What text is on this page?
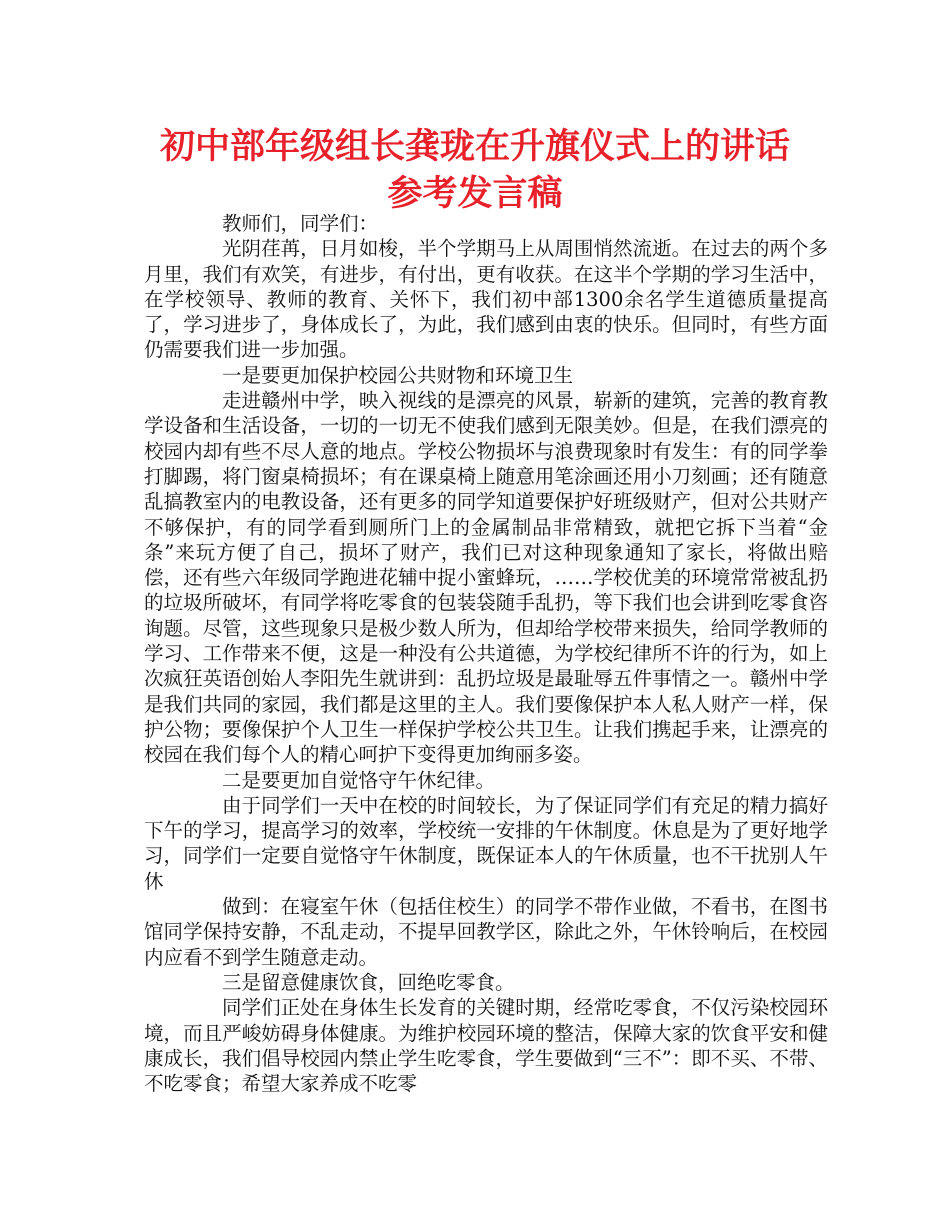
初中部年级组长龚珑在升旗仪式上的讲话
参考发言稿

教师们，同学们：

光阴荏苒，日月如梭，半个学期马上从周围悄然流逝。在过去的两个多月里，我们有欢笑，有进步，有付出，更有收获。在这半个学期的学习生活中，在学校领导、教师的教育、关怀下，我们初中部1300余名学生道德质量提高了，学习进步了，身体成长了，为此，我们感到由衷的快乐。但同时，有些方面仍需要我们进一步加强。

一是要更加保护校园公共财物和环境卫生

走进赣州中学，映入视线的是漂亮的风景，崭新的建筑，完善的教育教学设备和生活设备，一切的一切无不使我们感到无限美妙。但是，在我们漂亮的校园内却有些不尽人意的地点。学校公物损坏与浪费现象时有发生：有的同学拳打脚踢，将门窗桌椅损坏；有在课桌椅上随意用笔涂画还用小刀刻画；还有随意乱搞教室内的电教设备，还有更多的同学知道要保护好班级财产，但对公共财产不够保护，有的同学看到厕所门上的金属制品非常精致，就把它拆下当着“金条”来玩方便了自己，损坏了财产，我们已对这种现象通知了家长，将做出赔偿，还有些六年级同学跑进花辅中捉小蜜蜂玩，……学校优美的环境常常被乱扔的垃圾所破坏，有同学将吃零食的包装袋随手乱扔，等下我们也会讲到吃零食咨询题。尽管，这些现象只是极少数人所为，但却给学校带来损失，给同学教师的学习、工作带来不便，这是一种没有公共道德，为学校纪律所不许的行为，如上次疯狂英语创始人李阳先生就讲到：乱扔垃圾是最耻辱五件事情之一。赣州中学是我们共同的家园，我们都是这里的主人。我们要像保护本人私人财产一样，保护公物；要像保护个人卫生一样保护学校公共卫生。让我们携起手来，让漂亮的校园在我们每个人的精心呵护下变得更加绚丽多姿。

二是要更加自觉恪守午休纪律。

由于同学们一天中在校的时间较长，为了保证同学们有充足的精力搞好下午的学习，提高学习的效率，学校统一安排的午休制度。休息是为了更好地学习，同学们一定要自觉恪守午休制度，既保证本人的午休质量，也不干扰别人午休

做到：在寝室午休（包括住校生）的同学不带作业做，不看书，在图书馆同学保持安静，不乱走动，不提早回教学区，除此之外，午休铃响后，在校园内应看不到学生随意走动。

三是留意健康饮食，回绝吃零食。

同学们正处在身体生长发育的关键时期，经常吃零食，不仅污染校园环境，而且严峻妨碍身体健康。为维护校园环境的整洁，保障大家的饮食平安和健康成长，我们倡导校园内禁止学生吃零食，学生要做到“三不”：即不买、不带、不吃零食；希望大家养成不吃零
